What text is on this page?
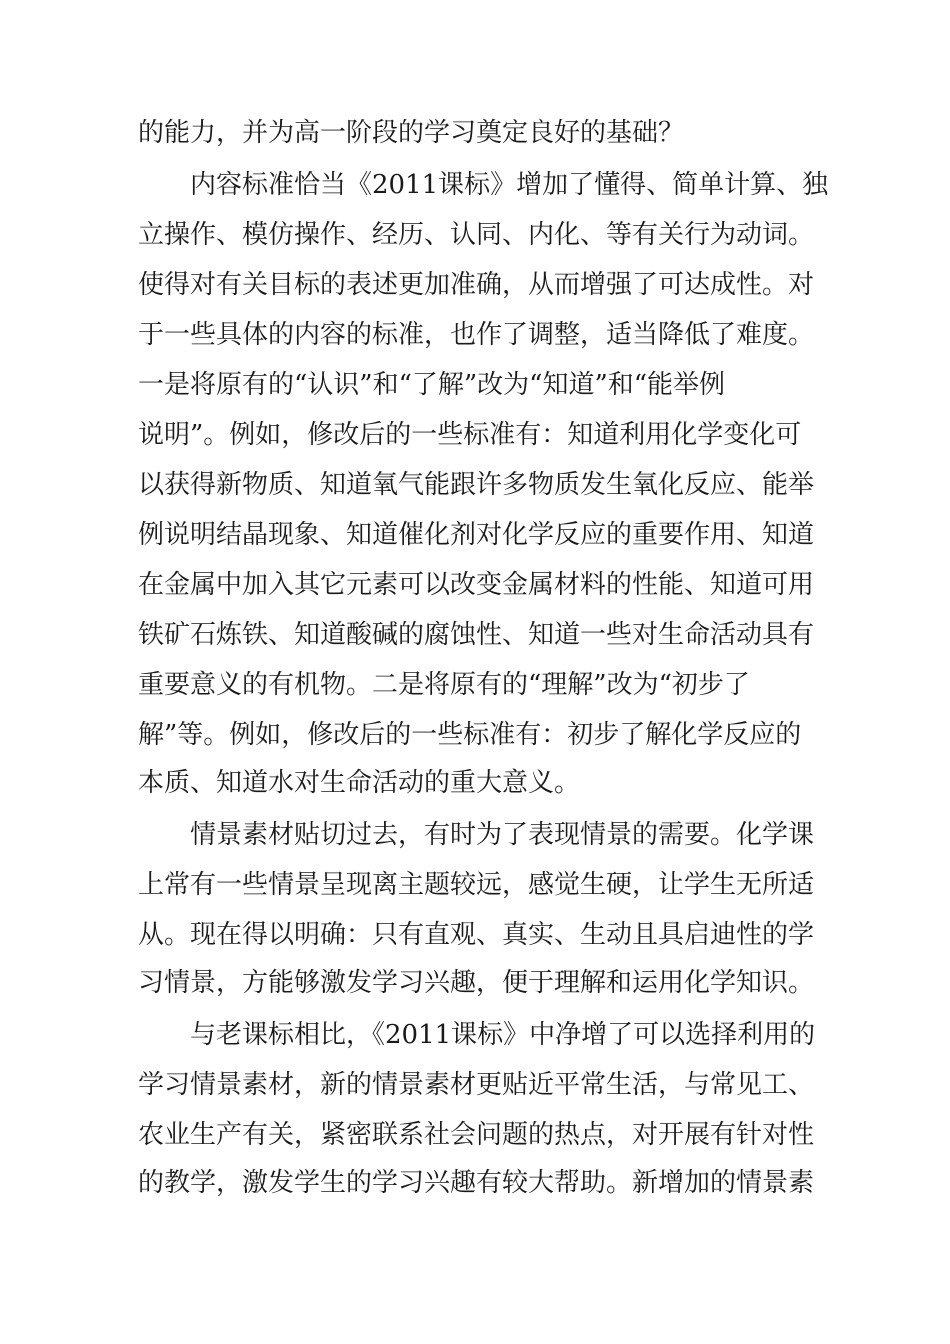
的能力，并为高一阶段的学习奠定良好的基础？
内容标准恰当《2011课标》增加了懂得、简单计算、独
立操作、模仿操作、经历、认同、内化、等有关行为动词。
使得对有关目标的表述更加准确，从而增强了可达成性。对
于一些具体的内容的标准，也作了调整，适当降低了难度。
一是将原有的“认识”和“了解”改为“知道”和“能举例
说明”。例如，修改后的一些标准有：知道利用化学变化可
以获得新物质、知道氧气能跟许多物质发生氧化反应、能举
例说明结晶现象、知道催化剂对化学反应的重要作用、知道
在金属中加入其它元素可以改变金属材料的性能、知道可用
铁矿石炼铁、知道酸碱的腐蚀性、知道一些对生命活动具有
重要意义的有机物。二是将原有的“理解”改为“初步了
解”等。例如，修改后的一些标准有：初步了解化学反应的
本质、知道水对生命活动的重大意义。
情景素材贴切过去，有时为了表现情景的需要。化学课
上常有一些情景呈现离主题较远，感觉生硬，让学生无所适
从。现在得以明确：只有直观、真实、生动且具启迪性的学
习情景，方能够激发学习兴趣，便于理解和运用化学知识。
与老课标相比，《2011课标》中净增了可以选择利用的
学习情景素材，新的情景素材更贴近平常生活，与常见工、
农业生产有关，紧密联系社会问题的热点，对开展有针对性
的教学，激发学生的学习兴趣有较大帮助。新增加的情景素
